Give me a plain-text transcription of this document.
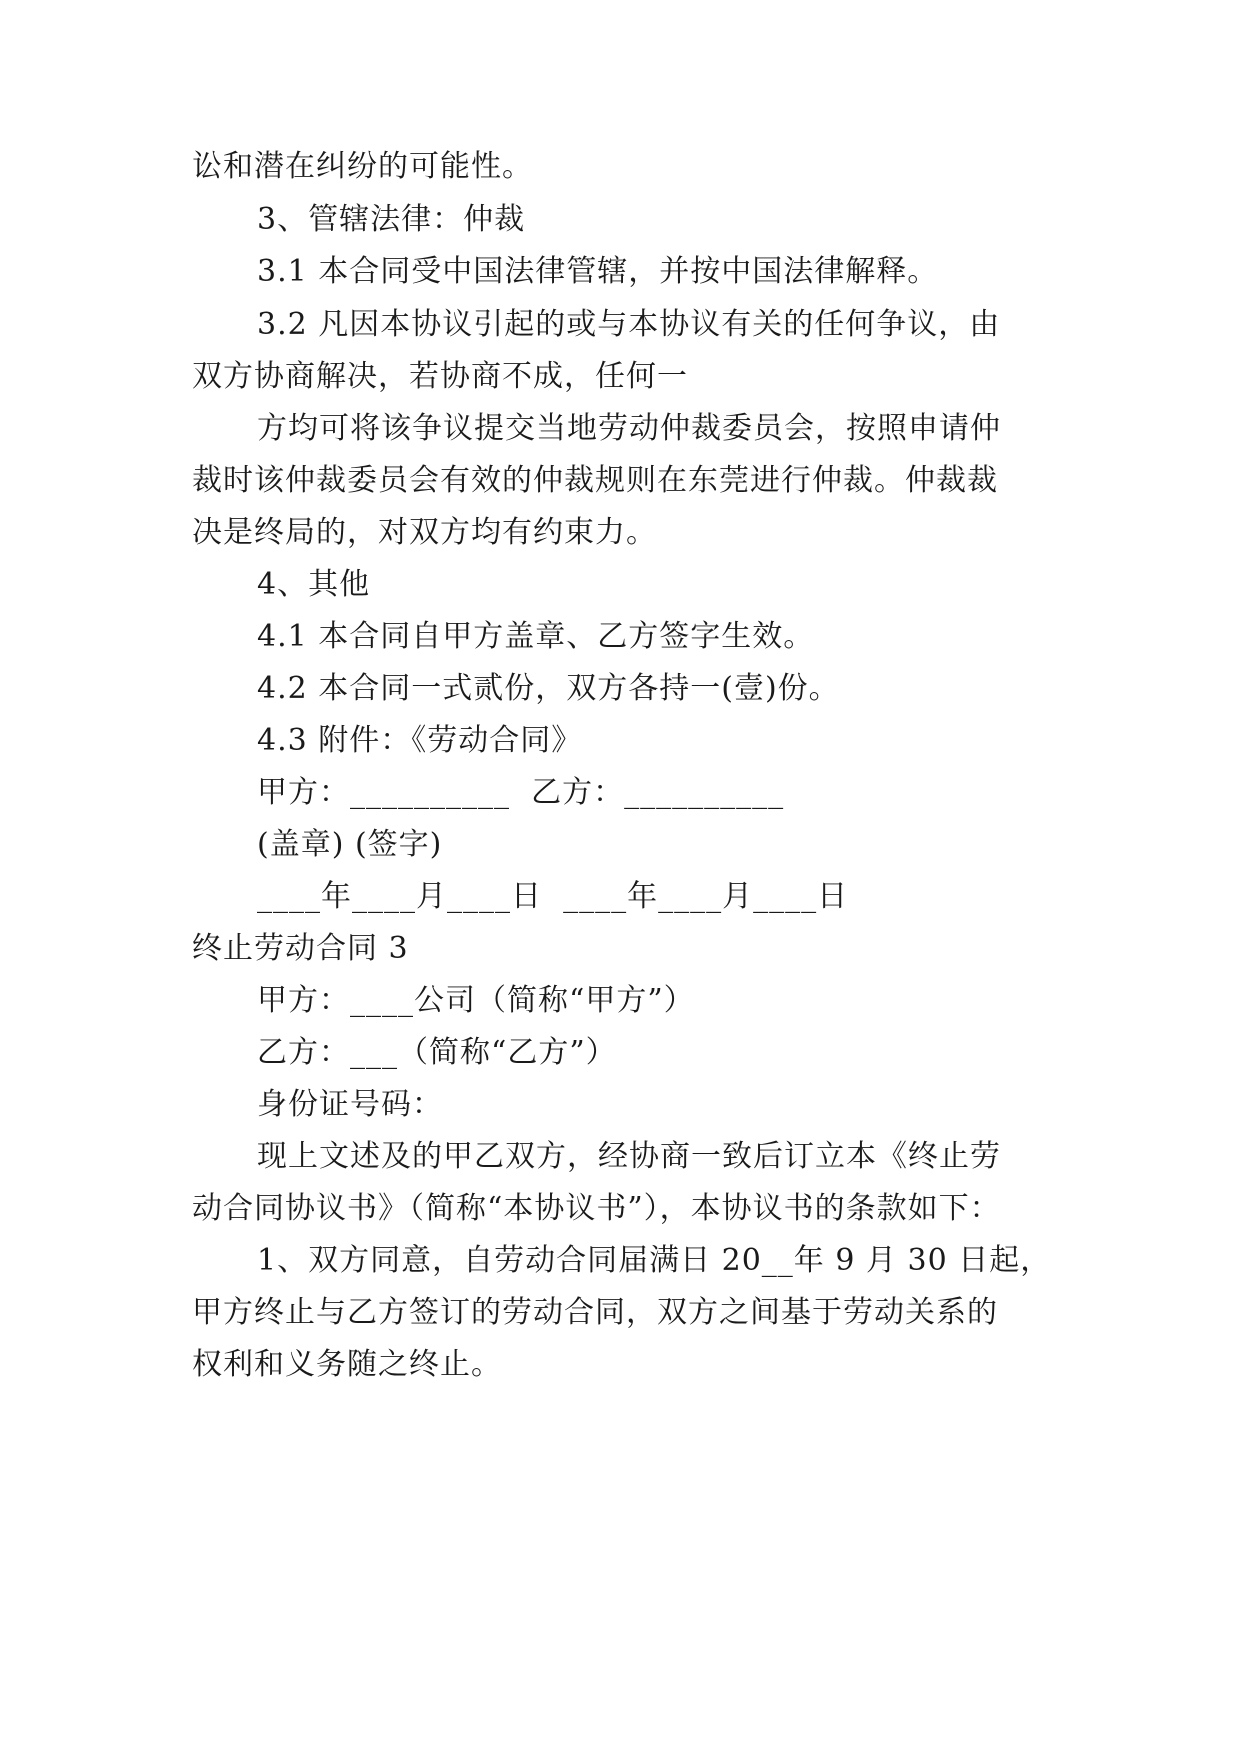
讼和潜在纠纷的可能性。
3、管辖法律：仲裁
3.1 本合同受中国法律管辖，并按中国法律解释。
3.2 凡因本协议引起的或与本协议有关的任何争议，由
双方协商解决，若协商不成，任何一
方均可将该争议提交当地劳动仲裁委员会，按照申请仲
裁时该仲裁委员会有效的仲裁规则在东莞进行仲裁。仲裁裁
决是终局的，对双方均有约束力。
4、其他
4.1 本合同自甲方盖章、乙方签字生效。
4.2 本合同一式贰份，双方各持一(壹)份。
4.3 附件：《劳动合同》
甲方：__________  乙方：__________
(盖章) (签字)
____年____月____日  ____年____月____日
终止劳动合同 3
甲方：____公司（简称“甲方”）
乙方：___（简称“乙方”）
身份证号码：
现上文述及的甲乙双方，经协商一致后订立本《终止劳
动合同协议书》（简称“本协议书”），本协议书的条款如下：
1、双方同意，自劳动合同届满日 20__年 9 月 30 日起，
甲方终止与乙方签订的劳动合同，双方之间基于劳动关系的
权利和义务随之终止。
